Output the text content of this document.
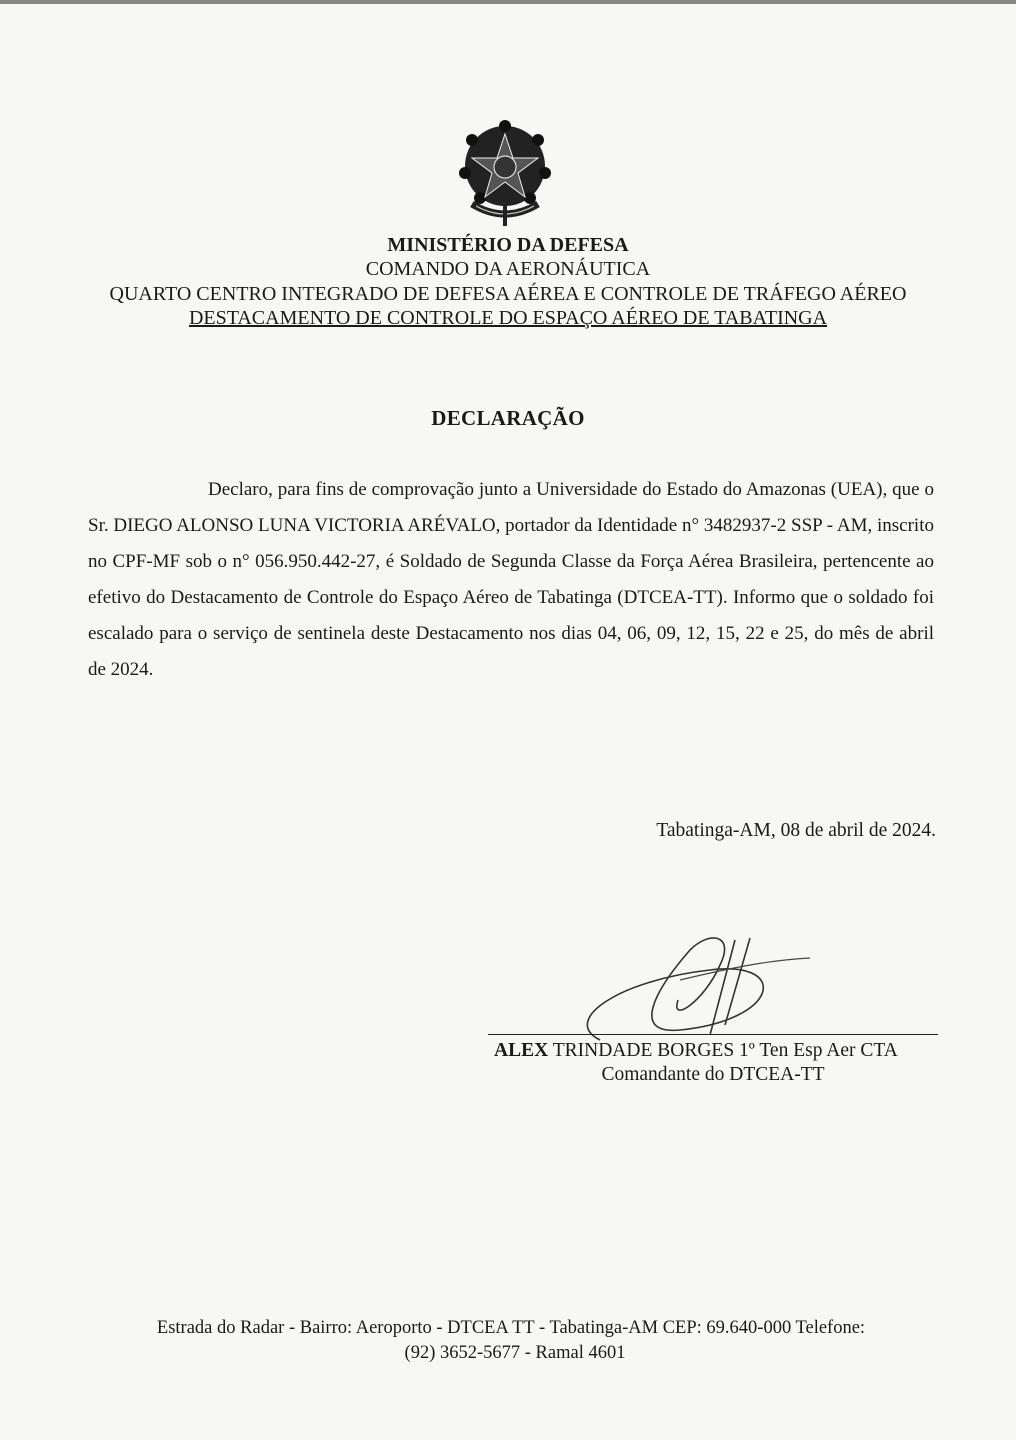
MINISTÉRIO DA DEFESA
COMANDO DA AERONÁUTICA
QUARTO CENTRO INTEGRADO DE DEFESA AÉREA E CONTROLE DE TRÁFEGO AÉREO
DESTACAMENTO DE CONTROLE DO ESPAÇO AÉREO DE TABATINGA
DECLARAÇÃO
Declaro, para fins de comprovação junto a Universidade do Estado do Amazonas (UEA), que o Sr. DIEGO ALONSO LUNA VICTORIA ARÉVALO, portador da Identidade n° 3482937-2 SSP - AM, inscrito no CPF-MF sob o n° 056.950.442-27, é Soldado de Segunda Classe da Força Aérea Brasileira, pertencente ao efetivo do Destacamento de Controle do Espaço Aéreo de Tabatinga (DTCEA-TT). Informo que o soldado foi escalado para o serviço de sentinela deste Destacamento nos dias 04, 06, 09, 12, 15, 22 e 25, do mês de abril de 2024.
Tabatinga-AM, 08 de abril de 2024.
ALEX TRINDADE BORGES 1º Ten Esp Aer CTA
Comandante do DTCEA-TT
Estrada do Radar - Bairro: Aeroporto - DTCEA TT - Tabatinga-AM CEP: 69.640-000 Telefone:
(92) 3652-5677 - Ramal 4601
